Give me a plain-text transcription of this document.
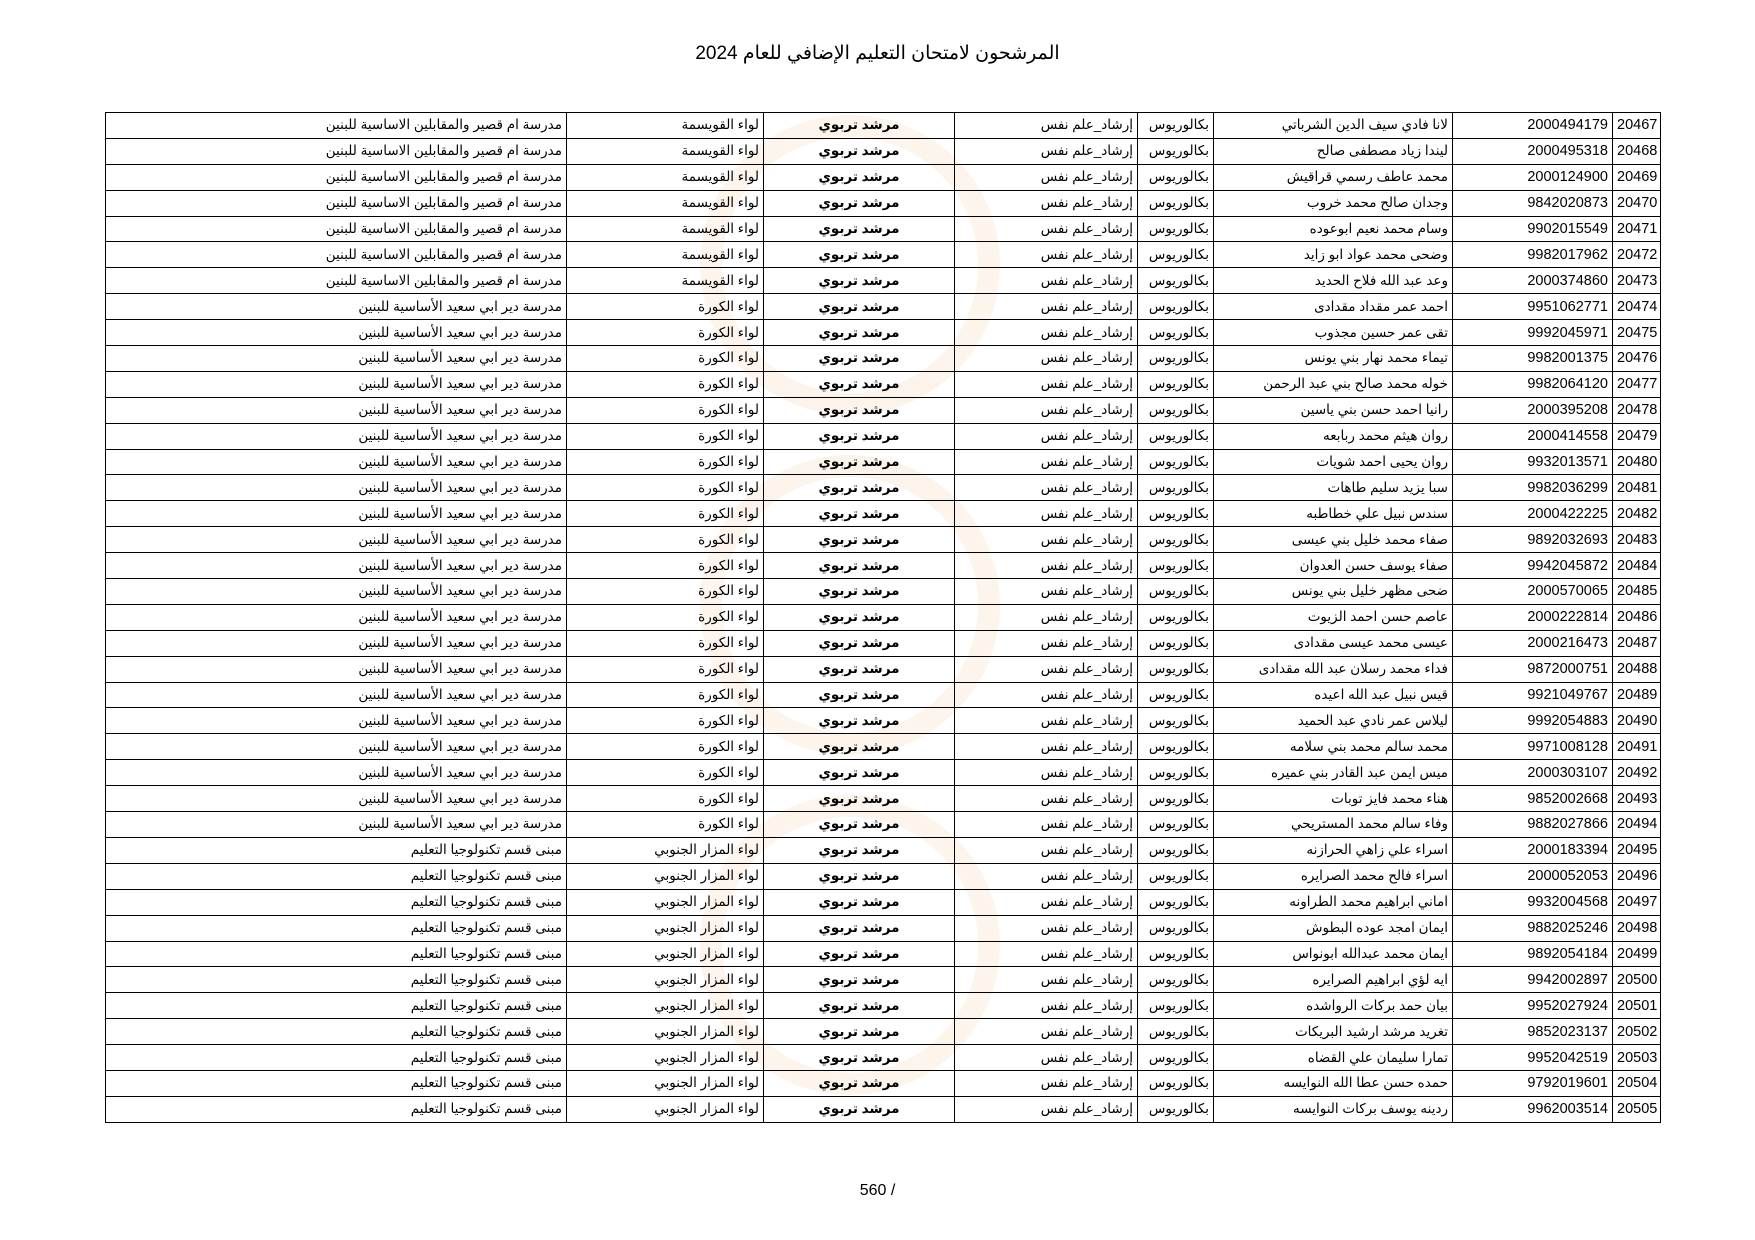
المرشحون لامتحان التعليم الإضافي للعام 2024
20467	2000494179	لانا فادي سيف الدين الشرباتي	بكالوريوس	إرشاد_علم نفس	مرشد تربوي	لواء القويسمة	مدرسة ام قصير والمقابلين الاساسية للبنين
20468	2000495318	ليندا زياد مصطفى صالح	بكالوريوس	إرشاد_علم نفس	مرشد تربوي	لواء القويسمة	مدرسة ام قصير والمقابلين الاساسية للبنين
20469	2000124900	محمد عاطف رسمي قراقيش	بكالوريوس	إرشاد_علم نفس	مرشد تربوي	لواء القويسمة	مدرسة ام قصير والمقابلين الاساسية للبنين
20470	9842020873	وجدان صالح محمد خروب	بكالوريوس	إرشاد_علم نفس	مرشد تربوي	لواء القويسمة	مدرسة ام قصير والمقابلين الاساسية للبنين
20471	9902015549	وسام محمد نعيم ابوعوده	بكالوريوس	إرشاد_علم نفس	مرشد تربوي	لواء القويسمة	مدرسة ام قصير والمقابلين الاساسية للبنين
20472	9982017962	وضحى محمد عواد ابو زايد	بكالوريوس	إرشاد_علم نفس	مرشد تربوي	لواء القويسمة	مدرسة ام قصير والمقابلين الاساسية للبنين
20473	2000374860	وعد عبد الله فلاح الحديد	بكالوريوس	إرشاد_علم نفس	مرشد تربوي	لواء القويسمة	مدرسة ام قصير والمقابلين الاساسية للبنين
20474	9951062771	احمد عمر مقداد مقدادى	بكالوريوس	إرشاد_علم نفس	مرشد تربوي	لواء الكورة	مدرسة دير ابي سعيد الأساسية للبنين
20475	9992045971	تقى عمر حسين مجذوب	بكالوريوس	إرشاد_علم نفس	مرشد تربوي	لواء الكورة	مدرسة دير ابي سعيد الأساسية للبنين
20476	9982001375	تيماء محمد نهار بني يونس	بكالوريوس	إرشاد_علم نفس	مرشد تربوي	لواء الكورة	مدرسة دير ابي سعيد الأساسية للبنين
20477	9982064120	خوله محمد صالح بني عبد الرحمن	بكالوريوس	إرشاد_علم نفس	مرشد تربوي	لواء الكورة	مدرسة دير ابي سعيد الأساسية للبنين
20478	2000395208	رانيا احمد حسن بني ياسين	بكالوريوس	إرشاد_علم نفس	مرشد تربوي	لواء الكورة	مدرسة دير ابي سعيد الأساسية للبنين
20479	2000414558	روان هيثم محمد ربابعه	بكالوريوس	إرشاد_علم نفس	مرشد تربوي	لواء الكورة	مدرسة دير ابي سعيد الأساسية للبنين
20480	9932013571	روان يحيى احمد شويات	بكالوريوس	إرشاد_علم نفس	مرشد تربوي	لواء الكورة	مدرسة دير ابي سعيد الأساسية للبنين
20481	9982036299	سبا يزيد سليم طاهات	بكالوريوس	إرشاد_علم نفس	مرشد تربوي	لواء الكورة	مدرسة دير ابي سعيد الأساسية للبنين
20482	2000422225	سندس نبيل علي خطاطبه	بكالوريوس	إرشاد_علم نفس	مرشد تربوي	لواء الكورة	مدرسة دير ابي سعيد الأساسية للبنين
20483	9892032693	صفاء محمد خليل بني عيسى	بكالوريوس	إرشاد_علم نفس	مرشد تربوي	لواء الكورة	مدرسة دير ابي سعيد الأساسية للبنين
20484	9942045872	صفاء يوسف حسن العدوان	بكالوريوس	إرشاد_علم نفس	مرشد تربوي	لواء الكورة	مدرسة دير ابي سعيد الأساسية للبنين
20485	2000570065	ضحى مظهر خليل بني يونس	بكالوريوس	إرشاد_علم نفس	مرشد تربوي	لواء الكورة	مدرسة دير ابي سعيد الأساسية للبنين
20486	2000222814	عاصم حسن احمد الزيوت	بكالوريوس	إرشاد_علم نفس	مرشد تربوي	لواء الكورة	مدرسة دير ابي سعيد الأساسية للبنين
20487	2000216473	عيسى محمد عيسى مقدادى	بكالوريوس	إرشاد_علم نفس	مرشد تربوي	لواء الكورة	مدرسة دير ابي سعيد الأساسية للبنين
20488	9872000751	فداء محمد رسلان عبد الله مقدادى	بكالوريوس	إرشاد_علم نفس	مرشد تربوي	لواء الكورة	مدرسة دير ابي سعيد الأساسية للبنين
20489	9921049767	قيس نبيل عبد الله اعيده	بكالوريوس	إرشاد_علم نفس	مرشد تربوي	لواء الكورة	مدرسة دير ابي سعيد الأساسية للبنين
20490	9992054883	ليلاس عمر نادي عبد الحميد	بكالوريوس	إرشاد_علم نفس	مرشد تربوي	لواء الكورة	مدرسة دير ابي سعيد الأساسية للبنين
20491	9971008128	محمد سالم محمد بني سلامه	بكالوريوس	إرشاد_علم نفس	مرشد تربوي	لواء الكورة	مدرسة دير ابي سعيد الأساسية للبنين
20492	2000303107	ميس ايمن عبد القادر بني عميره	بكالوريوس	إرشاد_علم نفس	مرشد تربوي	لواء الكورة	مدرسة دير ابي سعيد الأساسية للبنين
20493	9852002668	هناء محمد فايز توبات	بكالوريوس	إرشاد_علم نفس	مرشد تربوي	لواء الكورة	مدرسة دير ابي سعيد الأساسية للبنين
20494	9882027866	وفاء سالم محمد المستريحي	بكالوريوس	إرشاد_علم نفس	مرشد تربوي	لواء الكورة	مدرسة دير ابي سعيد الأساسية للبنين
20495	2000183394	اسراء علي زاهي الحرازنه	بكالوريوس	إرشاد_علم نفس	مرشد تربوي	لواء المزار الجنوبي	مبنى قسم تكنولوجيا التعليم
20496	2000052053	اسراء فالح محمد الصرايره	بكالوريوس	إرشاد_علم نفس	مرشد تربوي	لواء المزار الجنوبي	مبنى قسم تكنولوجيا التعليم
20497	9932004568	اماني ابراهيم محمد الطراونه	بكالوريوس	إرشاد_علم نفس	مرشد تربوي	لواء المزار الجنوبي	مبنى قسم تكنولوجيا التعليم
20498	9882025246	ايمان امجد عوده البطوش	بكالوريوس	إرشاد_علم نفس	مرشد تربوي	لواء المزار الجنوبي	مبنى قسم تكنولوجيا التعليم
20499	9892054184	ايمان محمد عبدالله ابونواس	بكالوريوس	إرشاد_علم نفس	مرشد تربوي	لواء المزار الجنوبي	مبنى قسم تكنولوجيا التعليم
20500	9942002897	ايه لؤي ابراهيم الصرايره	بكالوريوس	إرشاد_علم نفس	مرشد تربوي	لواء المزار الجنوبي	مبنى قسم تكنولوجيا التعليم
20501	9952027924	بيان حمد بركات الرواشده	بكالوريوس	إرشاد_علم نفس	مرشد تربوي	لواء المزار الجنوبي	مبنى قسم تكنولوجيا التعليم
20502	9852023137	تغريد مرشد ارشيد البريكات	بكالوريوس	إرشاد_علم نفس	مرشد تربوي	لواء المزار الجنوبي	مبنى قسم تكنولوجيا التعليم
20503	9952042519	تمارا سليمان علي القضاه	بكالوريوس	إرشاد_علم نفس	مرشد تربوي	لواء المزار الجنوبي	مبنى قسم تكنولوجيا التعليم
20504	9792019601	حمده حسن عطا الله النوايسه	بكالوريوس	إرشاد_علم نفس	مرشد تربوي	لواء المزار الجنوبي	مبنى قسم تكنولوجيا التعليم
20505	9962003514	ردينه يوسف بركات النوايسه	بكالوريوس	إرشاد_علم نفس	مرشد تربوي	لواء المزار الجنوبي	مبنى قسم تكنولوجيا التعليم
560 /
